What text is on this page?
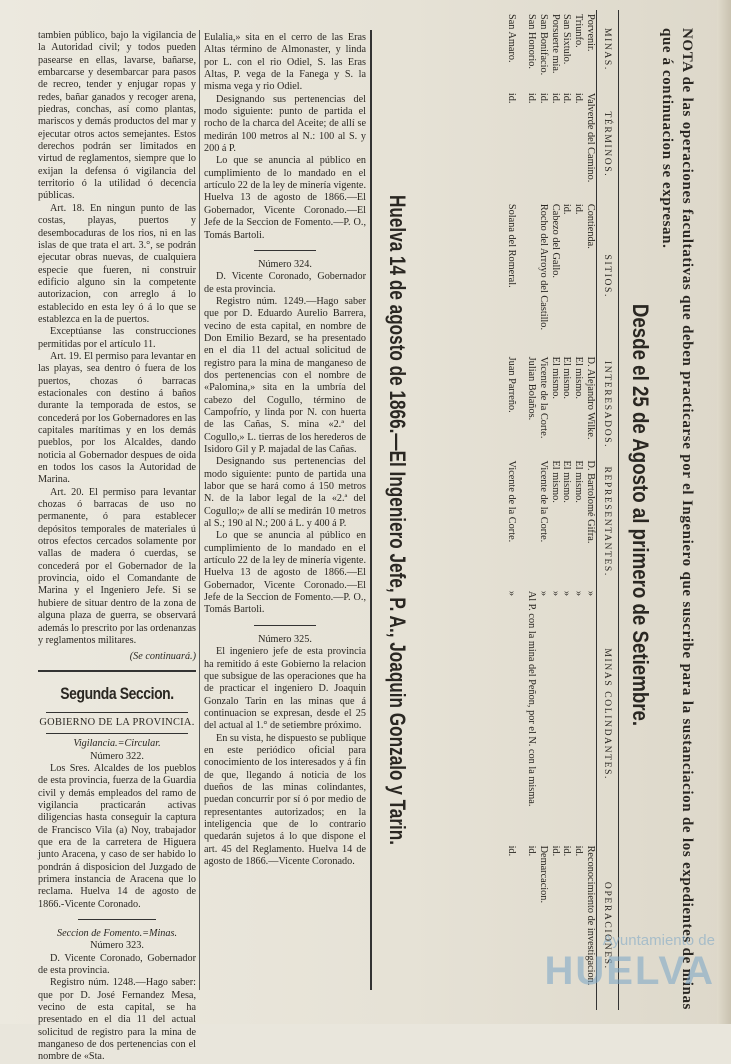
tambien público, bajo la vigilancia de la Autoridad civil; y todos pueden pasearse en ellas, lavarse, bañarse, embarcarse y desembarcar para pasos de recreo, tender y enjugar ropas y redes, bañar ganados y recoger arena, piedras, conchas, así como plantas, mariscos y demás productos del mar y ejecutar otros actos semejantes. Estos derechos podrán ser limitados en virtud de reglamentos, siempre que lo exijan la defensa ó vigilancia del territorio ó la utilidad ó decencia públicas.

Art. 18. En ningun punto de las costas, playas, puertos y desembocaduras de los rios, ni en las islas de que trata el art. 3.°, se podrán ejecutar obras nuevas, de cualquiera especie que fueren, ni construir edificio alguno sin la competente autorizacion, con arreglo á lo establecido en esta ley ó á lo que se establezca en la de puertos.

Exceptúanse las construcciones permitidas por el artículo 11.

Art. 19. El permiso para levantar en las playas, sea dentro ó fuera de los puertos, chozas ó barracas estacionales con destino á baños durante la temporada de estos, se concederá por los Gobernadores en las capitales marítimas y en los demás pueblos, por los Alcaldes, dando noticia al Gobernador despues de oida en todos los casos la Autoridad de Marina.

Art. 20. El permiso para levantar chozas ó barracas de uso no permanente, ó para establecer depósitos temporales de materiales ú otros efectos cercados solamente por vallas de madera ó cuerdas, se concederá por el Gobernador de la provincia, oido el Comandante de Marina y el Ingeniero Jefe. Si se hubiere de situar dentro de la zona de alguna plaza de guerra, se observará además lo prescrito por las ordenanzas y reglamentos militares.

(Se continuará.)

Segunda Seccion.
GOBIERNO DE LA PROVINCIA.

Vigilancia.=Circular.

Número 322.

Los Sres. Alcaldes de los pueblos de esta provincia, fuerza de la Guardia civil y demás empleados del ramo de vigilancia practicarán activas diligencias hasta conseguir la captura de Francisco Vila (a) Noy, trabajador que era de la carretera de Higuera junto Aracena, y caso de ser habido lo pondrán á disposicion del Juzgado de primera instancia de Aracena que lo reclama. Huelva 14 de agosto de 1866.-Vicente Coronado.

Seccion de Fomento.=Minas.

Número 323.

D. Vicente Coronado, Gobernador de esta provincia.

Registro núm. 1248.—Hago saber: que por D. José Fernandez Mesa, vecino de esta capital, se ha presentado en el dia 11 del actual solicitud de registro para la mina de manganeso de dos pertenencias con el nombre de «Sta.

Eulalia,» sita en el cerro de las Eras Altas término de Almonaster, y linda por L. con el rio Odiel, S. las Eras Altas, P. vega de la Fanega y S. la misma vega y rio Odiel.

Designando sus pertenencias del modo siguiente: punto de partida el rocho de la charca del Aceite; de allí se medirán 100 metros al N.: 100 al S. y 200 á P.

Lo que se anuncia al público en cumplimiento de lo mandado en el artículo 22 de la ley de minería vigente. Huelva 13 de agosto de 1866.—El Gobernador, Vicente Coronado.—El Jefe de la Seccion de Fomento.—P. O., Tomás Bartoli.

Número 324.

D. Vicente Coronado, Gobernador de esta provincia.

Registro núm. 1249.—Hago saber que por D. Eduardo Aurelio Barrera, vecino de esta capital, en nombre de Don Emilio Bezard, se ha presentado en el dia 11 del actual solicitud de registro para la mina de manganeso de dos pertenencias con el nombre de «Palomina,» sita en la umbría del cabezo del Cogullo, término de Campofrío, y linda por N. con huerta de las Cañas, S. mina «2.ª del Cogullo,» L. tierras de los herederos de Isidoro Gil y P. majadal de las Cañas.

Designando sus pertenencias del modo siguiente: punto de partida una labor que se hará como á 150 metros N. de la labor legal de la «2.ª del Cogullo;» de allí se medirán 10 metros al S.; 190 al N.; 200 á L. y 400 á P.

Lo que se anuncia al público en cumplimiento de lo mandado en el artículo 22 de la ley de minería vigente. Huelva 13 de agosto de 1866.—El Gobernador, Vicente Coronado.—El Jefe de la Seccion de Fomento.—P. O., Tomás Bartoli.

Número 325.

El ingeniero jefe de esta provincia ha remitido á este Gobierno la relacion que subsigue de las operaciones que ha de practicar el ingeniero D. Joaquin Gonzalo Tarin en las minas que á continuacion se expresan, desde el 25 del actual al 1.° de setiembre próximo.

En su vista, he dispuesto se publique en este periódico oficial para conocimiento de los interesados y á fin de que, llegando á noticia de los dueños de las minas colindantes, puedan concurrir por sí ó por medio de representantes autorizados; en la inteligencia que de lo contrario quedarán sujetos á lo que dispone el art. 45 del Reglamento. Huelva 14 de agosto de 1866.—Vicente Coronado.	NOTA de las operaciones facultativas que deben practicarse por el Ingeniero que suscribe para la sustanciacion de los expedientes de minas que á continuacion se expresan.
Desde el 25 de Agosto al primero de Setiembre.
MINAS.	TÉRMINOS.	SITIOS.	INTERESADOS.	REPRESENTANTES.	MINAS COLINDANTES.	OPERACIONES.
Porvenir.	Valverde del Camino.	Contienda.	D. Alejandro Wilke.	D. Bartolomé Gifra.	»	Reconocimiento de investigacion.
Triunfo.	id.	id.	El mismo.	El mismo.	»	id.
San Sixtulo.	id.	id.	El mismo.	El mismo.	»	id.
Porsuerte mía.	id.	Cabezo del Gallo.	El mismo.	El mismo.	»	id.
San Bonifacio.	id.	Rocho del Arroyo del Castillo.	Vicente de la Corte.	Vicente de la Corte.	»	Demarcacion.
San Honorio.	id.		Julian Bolaños.		Al P. con la mina del Peñon, por el N. con la misma.	id.
San Amaro.	id.	Solana del Romeral.	Juan Parreño.	Vicente de la Corte.	»	id.
Huelva 14 de agosto de 1866.—El Ingeniero Jefe, P. A., Joaquin Gonzalo y Tarin.
Ayuntamiento de
HUELVA
